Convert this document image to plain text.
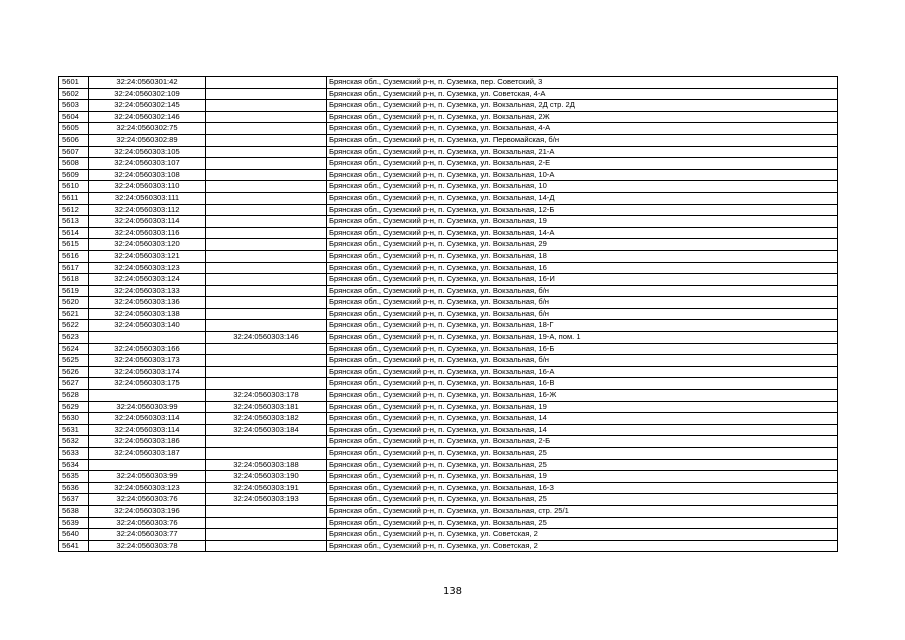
5601	32:24:0560301:42		Брянская обл., Суземский р-н, п. Суземка, пер. Советский, 3
5602	32:24:0560302:109		Брянская обл., Суземский р-н, п. Суземка, ул. Советская, 4-А
5603	32:24:0560302:145		Брянская обл., Суземский р-н, п. Суземка, ул. Вокзальная, 2Д стр. 2Д
5604	32:24:0560302:146		Брянская обл., Суземский р-н, п. Суземка, ул. Вокзальная, 2Ж
5605	32:24:0560302:75		Брянская обл., Суземский р-н, п. Суземка, ул. Вокзальная, 4-А
5606	32:24:0560302:89		Брянская обл., Суземский р-н, п. Суземка, ул. Первомайская, б/н
5607	32:24:0560303:105		Брянская обл., Суземский р-н, п. Суземка, ул. Вокзальная, 21-А
5608	32:24:0560303:107		Брянская обл., Суземский р-н, п. Суземка, ул. Вокзальная, 2-Е
5609	32:24:0560303:108		Брянская обл., Суземский р-н, п. Суземка, ул. Вокзальная, 10-А
5610	32:24:0560303:110		Брянская обл., Суземский р-н, п. Суземка, ул. Вокзальная, 10
5611	32:24:0560303:111		Брянская обл., Суземский р-н, п. Суземка, ул. Вокзальная, 14-Д
5612	32:24:0560303:112		Брянская обл., Суземский р-н, п. Суземка, ул. Вокзальная, 12-Б
5613	32:24:0560303:114		Брянская обл., Суземский р-н, п. Суземка, ул. Вокзальная, 19
5614	32:24:0560303:116		Брянская обл., Суземский р-н, п. Суземка, ул. Вокзальная, 14-А
5615	32:24:0560303:120		Брянская обл., Суземский р-н, п. Суземка, ул. Вокзальная, 29
5616	32:24:0560303:121		Брянская обл., Суземский р-н, п. Суземка, ул. Вокзальная, 18
5617	32:24:0560303:123		Брянская обл., Суземский р-н, п. Суземка, ул. Вокзальная, 16
5618	32:24:0560303:124		Брянская обл., Суземский р-н, п. Суземка, ул. Вокзальная, 16-И
5619	32:24:0560303:133		Брянская обл., Суземский р-н, п. Суземка, ул. Вокзальная, б/н
5620	32:24:0560303:136		Брянская обл., Суземский р-н, п. Суземка, ул. Вокзальная, б/н
5621	32:24:0560303:138		Брянская обл., Суземский р-н, п. Суземка, ул. Вокзальная, б/н
5622	32:24:0560303:140		Брянская обл., Суземский р-н, п. Суземка, ул. Вокзальная, 18-Г
5623		32:24:0560303:146	Брянская обл., Суземский р-н, п. Суземка, ул. Вокзальная, 19-А, пом. 1
5624	32:24:0560303:166		Брянская обл., Суземский р-н, п. Суземка, ул. Вокзальная, 16-Б
5625	32:24:0560303:173		Брянская обл., Суземский р-н, п. Суземка, ул. Вокзальная, б/н
5626	32:24:0560303:174		Брянская обл., Суземский р-н, п. Суземка, ул. Вокзальная, 16-А
5627	32:24:0560303:175		Брянская обл., Суземский р-н, п. Суземка, ул. Вокзальная, 16-В
5628		32:24:0560303:178	Брянская обл., Суземский р-н, п. Суземка, ул. Вокзальная, 16-Ж
5629	32:24:0560303:99	32:24:0560303:181	Брянская обл., Суземский р-н, п. Суземка, ул. Вокзальная, 19
5630	32:24:0560303:114	32:24:0560303:182	Брянская обл., Суземский р-н, п. Суземка, ул. Вокзальная, 14
5631	32:24:0560303:114	32:24:0560303:184	Брянская обл., Суземский р-н, п. Суземка, ул. Вокзальная, 14
5632	32:24:0560303:186		Брянская обл., Суземский р-н, п. Суземка, ул. Вокзальная, 2-Б
5633	32:24:0560303:187		Брянская обл., Суземский р-н, п. Суземка, ул. Вокзальная, 25
5634		32:24:0560303:188	Брянская обл., Суземский р-н, п. Суземка, ул. Вокзальная, 25
5635	32:24:0560303:99	32:24:0560303:190	Брянская обл., Суземский р-н, п. Суземка, ул. Вокзальная, 19
5636	32:24:0560303:123	32:24:0560303:191	Брянская обл., Суземский р-н, п. Суземка, ул. Вокзальная, 16-З
5637	32:24:0560303:76	32:24:0560303:193	Брянская обл., Суземский р-н, п. Суземка, ул. Вокзальная, 25
5638	32:24:0560303:196		Брянская обл., Суземский р-н, п. Суземка, ул. Вокзальная, стр. 25/1
5639	32:24:0560303:76		Брянская обл., Суземский р-н, п. Суземка, ул. Вокзальная, 25
5640	32:24:0560303:77		Брянская обл., Суземский р-н, п. Суземка, ул. Советская, 2
5641	32:24:0560303:78		Брянская обл., Суземский р-н, п. Суземка, ул. Советская, 2
138
